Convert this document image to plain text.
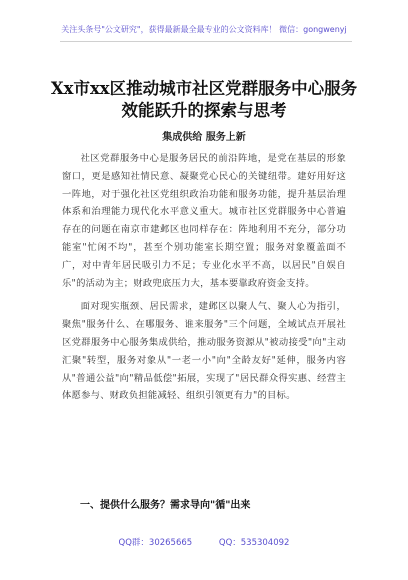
关注头条号"公文研究"，获得最新最全最专业的公文资料库！ 微信：gongwenyj
Xx市xx区推动城市社区党群服务中心服务效能跃升的探索与思考
集成供给 服务上新

社区党群服务中心是服务居民的前沿阵地，是党在基层的形象窗口，更是感知社情民意、凝聚党心民心的关键纽带。建好用好这一阵地，对于强化社区党组织政治功能和服务功能，提升基层治理体系和治理能力现代化水平意义重大。城市社区党群服务中心普遍存在的问题在南京市建邺区也同样存在：阵地利用不充分，部分功能室"忙闲不均"，甚至个别功能室长期空置；服务对象覆盖面不广，对中青年居民吸引力不足；专业化水平不高，以居民"自娱自乐"的活动为主；财政兜底压力大，基本要靠政府资金支持。

面对现实瓶颈、居民需求，建邺区以聚人气、聚人心为指引，聚焦"服务什么、在哪服务、谁来服务"三个问题，全域试点开展社区党群服务中心服务集成供给，推动服务资源从"被动接受"向"主动汇聚"转型，服务对象从"一老一小"向"全龄友好"延伸，服务内容从"普通公益"向"精品低偿"拓展，实现了"居民群众得实惠、经营主体愿参与、财政负担能减轻、组织引领更有力"的目标。

一、提供什么服务？需求导向"循"出来
QQ群：30265665	QQ：535304092
